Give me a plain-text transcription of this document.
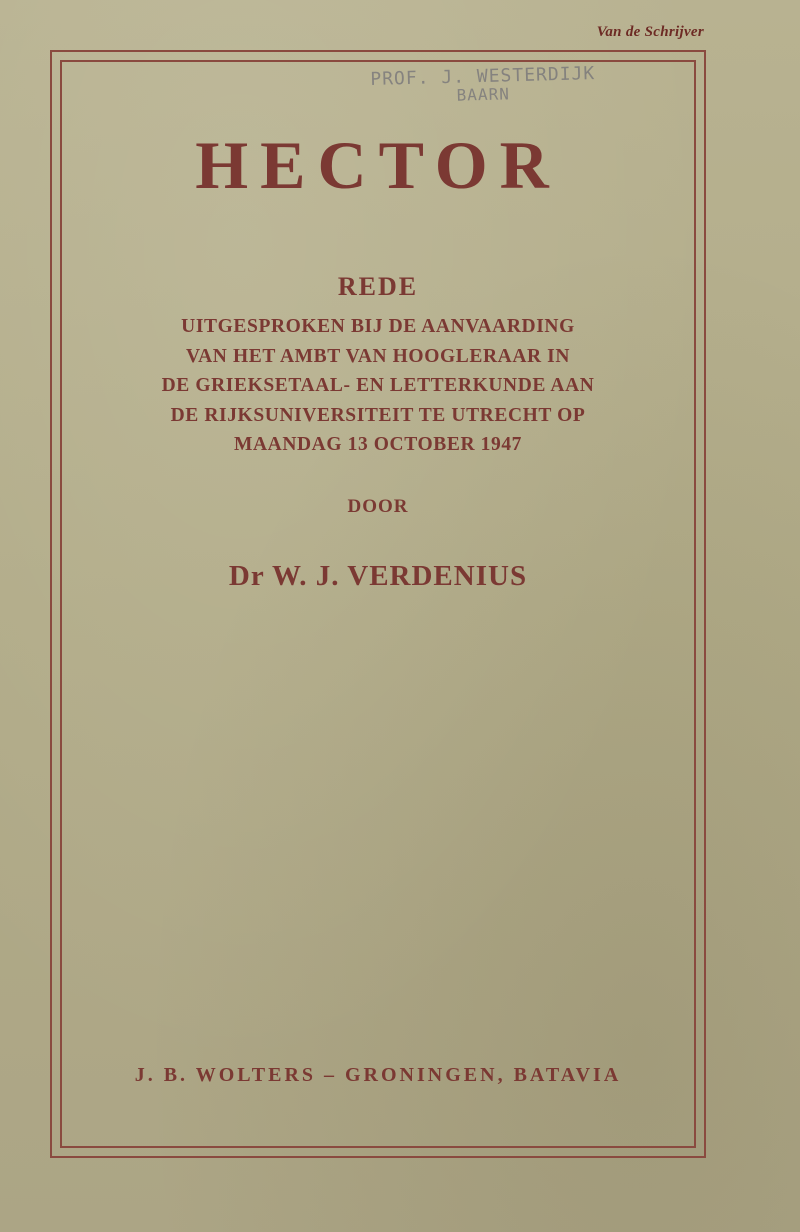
Van de Schrijver
PROF. J. WESTERDIJK
BAARN
HECTOR
REDE
UITGESPROKEN BIJ DE AANVAARDING
VAN HET AMBT VAN HOOGLERAAR IN
DE GRIEKSETAAL- EN LETTERKUNDE AAN
DE RIJKSUNIVERSITEIT TE UTRECHT OP
MAANDAG 13 OCTOBER 1947
DOOR
Dr W. J. VERDENIUS
J. B. WOLTERS – GRONINGEN, BATAVIA
